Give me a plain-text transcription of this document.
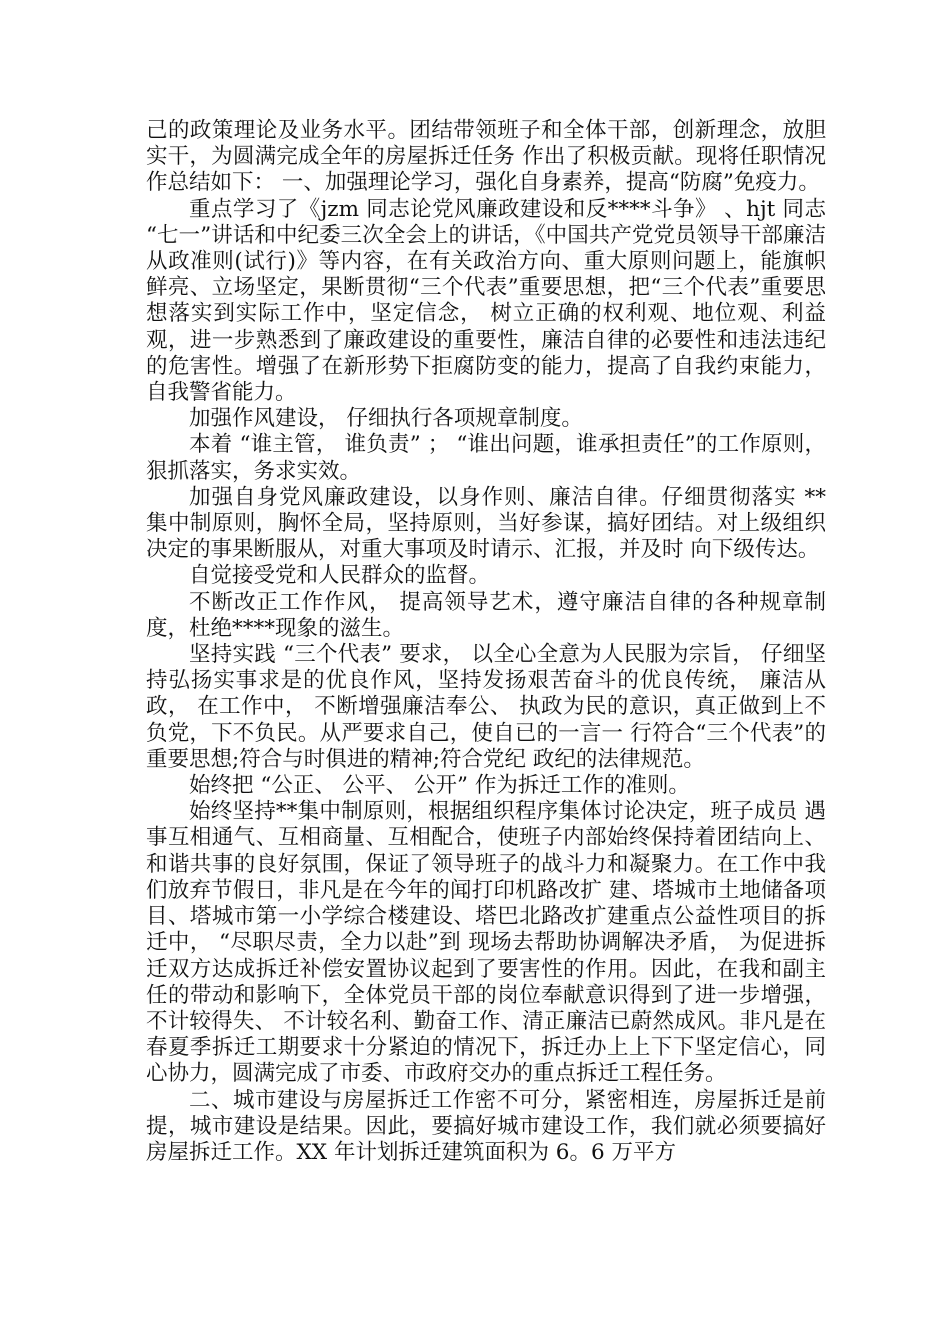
己的政策理论及业务水平。团结带领班子和全体干部，创新理念，放胆实干，为圆满完成全年的房屋拆迁任务 作出了积极贡献。现将任职情况作总结如下： 一、加强理论学习，强化自身素养，提高“防腐”免疫力。

重点学习了《jzm 同志论党风廉政建设和反****斗争》 、hjt 同志 “七一”讲话和中纪委三次全会上的讲话，《中国共产党党员领导干部廉洁从政准则(试行)》等内容，在有关政治方向、重大原则问题上，能旗帜鲜亮、立场坚定，果断贯彻“三个代表”重要思想，把“三个代表”重要思想落实到实际工作中，坚定信念， 树立正确的权利观、地位观、利益观，进一步熟悉到了廉政建设的重要性，廉洁自律的必要性和违法违纪的危害性。增强了在新形势下拒腐防变的能力，提高了自我约束能力，自我警省能力。

加强作风建设， 仔细执行各项规章制度。

本着 “谁主管， 谁负责” ； “谁出问题，谁承担责任”的工作原则，狠抓落实，务求实效。

加强自身党风廉政建设，以身作则、廉洁自律。仔细贯彻落实 ** 集中制原则，胸怀全局，坚持原则，当好参谋，搞好团结。对上级组织决定的事果断服从，对重大事项及时请示、汇报，并及时 向下级传达。

自觉接受党和人民群众的监督。

不断改正工作作风， 提高领导艺术，遵守廉洁自律的各种规章制度，杜绝****现象的滋生。

坚持实践 “三个代表” 要求， 以全心全意为人民服为宗旨， 仔细坚持弘扬实事求是的优良作风，坚持发扬艰苦奋斗的优良传统， 廉洁从政， 在工作中， 不断增强廉洁奉公、 执政为民的意识，真正做到上不负党，下不负民。从严要求自己，使自已的一言一 行符合“三个代表”的重要思想;符合与时俱进的精神;符合党纪 政纪的法律规范。

始终把 “公正、 公平、 公开” 作为拆迁工作的准则。

始终坚持**集中制原则，根据组织程序集体讨论决定，班子成员 遇事互相通气、互相商量、互相配合，使班子内部始终保持着团结向上、和谐共事的良好氛围，保证了领导班子的战斗力和凝聚力。在工作中我们放弃节假日，非凡是在今年的闻打印机路改扩 建、塔城市土地储备项目、塔城市第一小学综合楼建设、塔巴北路改扩建重点公益性项目的拆迁中， “尽职尽责，全力以赴”到 现场去帮助协调解决矛盾， 为促进拆迁双方达成拆迁补偿安置协议起到了要害性的作用。因此，在我和副主任的带动和影响下，全体党员干部的岗位奉献意识得到了进一步增强，不计较得失、 不计较名利、勤奋工作、清正廉洁已蔚然成风。非凡是在春夏季拆迁工期要求十分紧迫的情况下，拆迁办上上下下坚定信心，同心协力，圆满完成了市委、市政府交办的重点拆迁工程任务。

二、城市建设与房屋拆迁工作密不可分，紧密相连，房屋拆迁是前提，城市建设是结果。因此，要搞好城市建设工作，我们就必须要搞好房屋拆迁工作。XX 年计划拆迁建筑面积为 6。6 万平方
